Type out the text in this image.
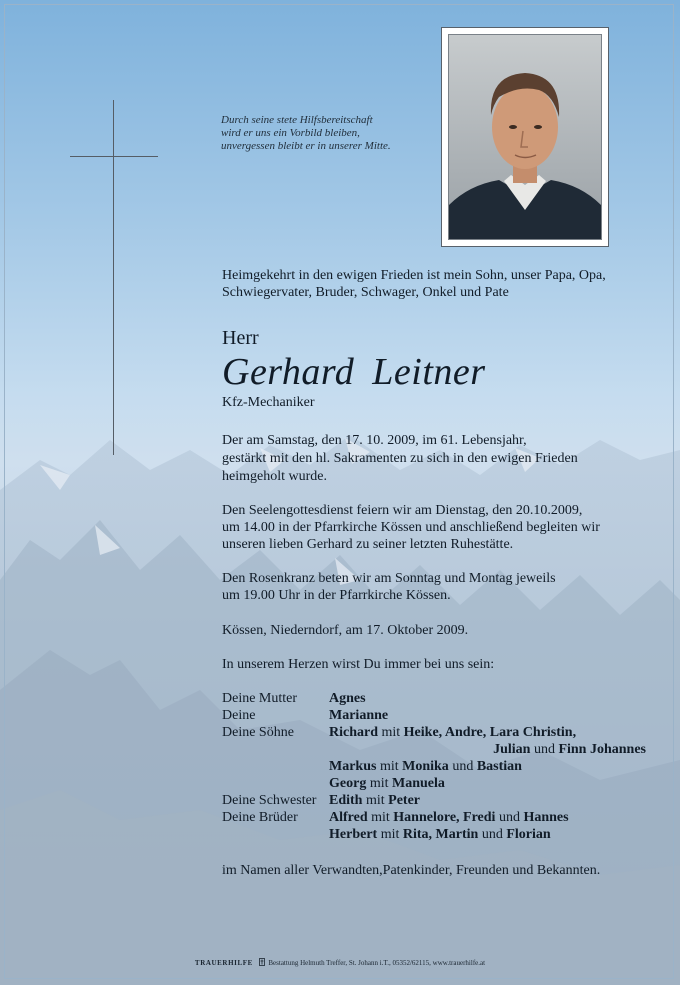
Durch seine stete Hilfsbereitschaft
wird er uns ein Vorbild bleiben,
unvergessen bleibt er in unserer Mitte.
Heimgekehrt in den ewigen Frieden ist mein Sohn, unser Papa, Opa,
Schwiegervater, Bruder, Schwager, Onkel und Pate
Herr
Gerhard Leitner
Kfz-Mechaniker
Der am Samstag, den 17. 10. 2009, im 61. Lebensjahr,
gestärkt mit den hl. Sakramenten zu sich in den ewigen Frieden
heimgeholt wurde.
Den Seelengottesdienst feiern wir am Dienstag, den 20.10.2009,
um 14.00 in der Pfarrkirche Kössen und anschließend begleiten wir
unseren lieben Gerhard zu seiner letzten Ruhestätte.
Den Rosenkranz beten wir am Sonntag und Montag jeweils
um 19.00 Uhr in der Pfarrkirche Kössen.
Kössen, Niederndorf, am 17. Oktober 2009.
In unserem Herzen wirst Du immer bei uns sein:
Deine Mutter Agnes
Deine	Marianne
Deine Söhne	Richard mit Heike, Andre, Lara Christin,
Julian und Finn Johannes
Markus mit Monika und Bastian
Georg mit Manuela
Deine Schwester Edith mit Peter
Deine Brüder Alfred mit Hannelore, Fredi und Hannes
Herbert mit Rita, Martin und Florian
im Namen aller Verwandten,Patenkinder, Freunden und Bekannten.
TRAUERHILFE Bestattung Helmuth Treffer, St. Johann i.T., 05352/62115, www.trauerhilfe.at
